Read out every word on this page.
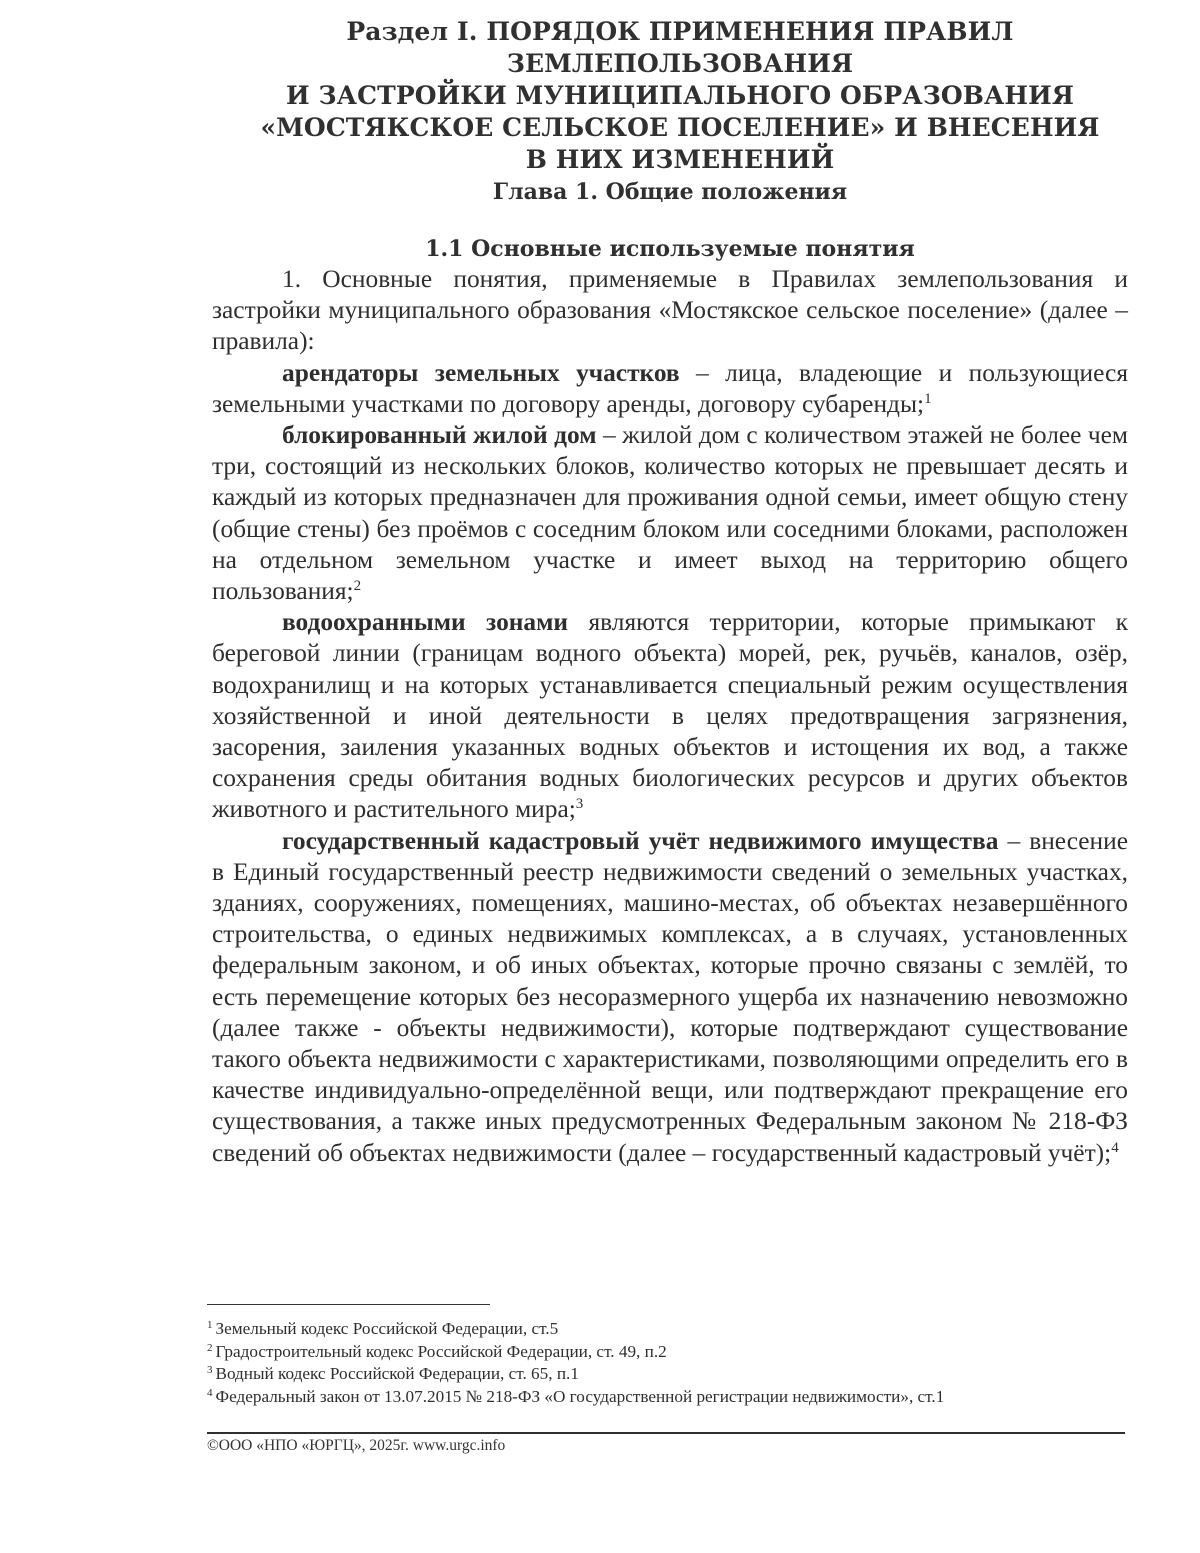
Раздел I. ПОРЯДОК ПРИМЕНЕНИЯ ПРАВИЛ ЗЕМЛЕПОЛЬЗОВАНИЯ
И ЗАСТРОЙКИ МУНИЦИПАЛЬНОГО ОБРАЗОВАНИЯ
«МОСТЯКСКОЕ СЕЛЬСКОЕ ПОСЕЛЕНИЕ» И ВНЕСЕНИЯ
В НИХ ИЗМЕНЕНИЙ
Глава 1. Общие положения
1.1 Основные используемые понятия

1. Основные понятия, применяемые в Правилах землепользования и застройки муниципального образования «Мостякское сельское поселение» (далее – правила):

арендаторы земельных участков – лица, владеющие и пользующиеся земельными участками по договору аренды, договору субаренды;$^1$

блокированный жилой дом – жилой дом с количеством этажей не более чем три, состоящий из нескольких блоков, количество которых не превышает десять и каждый из которых предназначен для проживания одной семьи, имеет общую стену (общие стены) без проёмов с соседним блоком или соседними блоками, расположен на отдельном земельном участке и имеет выход на территорию общего пользования;$^2$

водоохранными зонами являются территории, которые примыкают к береговой линии (границам водного объекта) морей, рек, ручьёв, каналов, озёр, водохранилищ и на которых устанавливается специальный режим осуществления хозяйственной и иной деятельности в целях предотвращения загрязнения, засорения, заиления указанных водных объектов и истощения их вод, а также сохранения среды обитания водных биологических ресурсов и других объектов животного и растительного мира;$^3$

государственный кадастровый учёт недвижимого имущества – внесение в Единый государственный реестр недвижимости сведений о земельных участках, зданиях, сооружениях, помещениях, машино-местах, об объектах незавершённого строительства, о единых недвижимых комплексах, а в случаях, установленных федеральным законом, и об иных объектах, которые прочно связаны с землёй, то есть перемещение которых без несоразмерного ущерба их назначению невозможно (далее также - объекты недвижимости), которые подтверждают существование такого объекта недвижимости с характеристиками, позволяющими определить его в качестве индивидуально-определённой вещи, или подтверждают прекращение его существования, а также иных предусмотренных Федеральным законом № 218-ФЗ сведений об объектах недвижимости (далее – государственный кадастровый учёт);$^4$

$^1$ Земельный кодекс Российской Федерации, ст.5
$^2$ Градостроительный кодекс Российской Федерации, ст. 49, п.2
$^3$ Водный кодекс Российской Федерации, ст. 65, п.1
$^4$ Федеральный закон от 13.07.2015 № 218-ФЗ «О государственной регистрации недвижимости», ст.1
©ООО «НПО «ЮРГЦ», 2025г. www.urgc.info
